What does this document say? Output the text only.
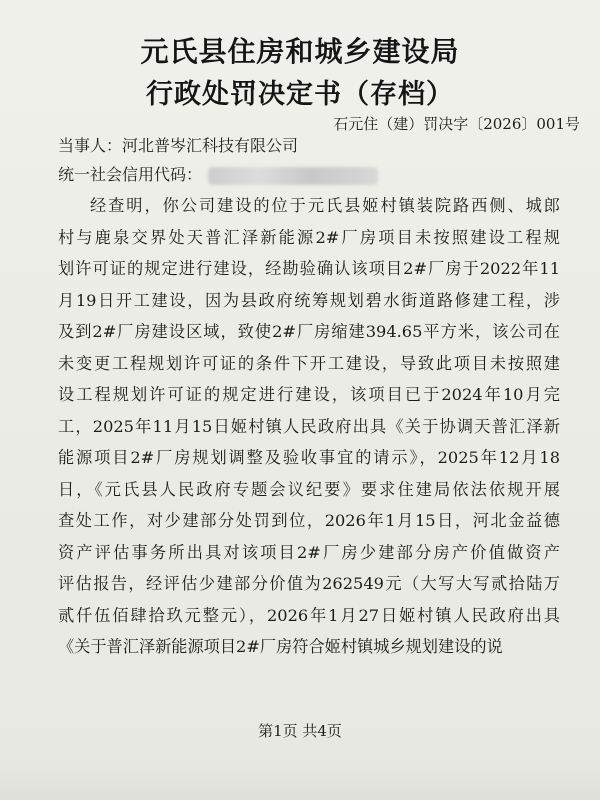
元氏县住房和城乡建设局
行政处罚决定书（存档）
石元住（建）罚决字〔2026〕001号
当事人：河北普岑汇科技有限公司
统一社会信用代码：
经查明，你公司建设的位于元氏县姬村镇装院路西侧、城郎
村与鹿泉交界处天普汇泽新能源2#厂房项目未按照建设工程规
划许可证的规定进行建设，经勘验确认该项目2#厂房于2022年11
月19日开工建设，因为县政府统筹规划碧水街道路修建工程，涉
及到2#厂房建设区域，致使2#厂房缩建394.65平方米，该公司在
未变更工程规划许可证的条件下开工建设，导致此项目未按照建
设工程规划许可证的规定进行建设，该项目已于2024年10月完
工，2025年11月15日姬村镇人民政府出具《关于协调天普汇泽新
能源项目2#厂房规划调整及验收事宜的请示》，2025年12月18
日，《元氏县人民政府专题会议纪要》要求住建局依法依规开展
查处工作，对少建部分处罚到位，2026年1月15日，河北金益德
资产评估事务所出具对该项目2#厂房少建部分房产价值做资产
评估报告，经评估少建部分价值为262549元（大写大写贰拾陆万
贰仟伍佰肆拾玖元整元），2026年1月27日姬村镇人民政府出具
《关于普汇泽新能源项目2#厂房符合姬村镇城乡规划建设的说
第1页 共4页
